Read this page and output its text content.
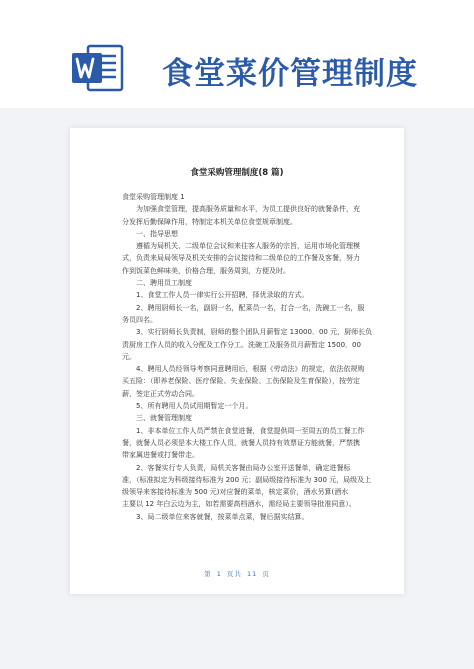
食堂菜价管理制度
食堂采购管理制度(8 篇)

食堂采购管理制度 1

为加强食堂管理，提高服务质量和水平，为员工提供良好的就餐条件，充

分发挥后勤保障作用，特制定本机关单位食堂规章制度。

一、指导思想

遵循为局机关、二级单位会议和来往客人服务的宗旨，运用市场化管理模

式，负责来局局领导及机关安排的会议接待和二级单位的工作餐及客餐，努力

作到饭菜色鲜味美，价格合理，服务周到，方便及时。

二、聘用员工制度

1、食堂工作人员一律实行公开招聘，择优录取的方式。

2、聘用厨师长一名，副厨一名，配菜员一名，打合一名，洗碗工一名，服

务员四名。

3、实行厨师长负责制，厨师的整个团队月薪暂定 13000．00 元，厨师长负

责厨房工作人员的收入分配及工作分工。洗碗工及服务员月薪暂定 1500．00

元。

4、聘用人员经领导考察同意聘用后，根据《劳动法》的规定，依法依规购

买五险：（即养老保险、医疗保险、失业保险、工伤保险及生育保险），按劳定

薪，签定正式劳动合同。

5、所有聘用人员试用期暂定一个月。

三、就餐管理制度

1、非本单位工作人员严禁在食堂进餐，食堂提供周一至周五的员工餐工作

餐，就餐人员必须是本大楼工作人员，就餐人员持有效票证方能就餐，严禁携

带家属进餐或打餐带走。

2、客餐实行专人负责，局机关客餐由局办公室开送餐单，确定进餐标

准，（标准拟定为科级接待标准为 200 元；副局级接待标准为 300 元，局级及上

级领导来客接待标准为 500 元)对应餐的菜单，核定菜价，酒水另算(酒水

主要以 12 年白云边为主，如若需要高档酒水，需经局主要领导批准同意）。

3、局二级单位来客就餐，按菜单点菜，餐后据实结算。

第 1 页共 11 页
